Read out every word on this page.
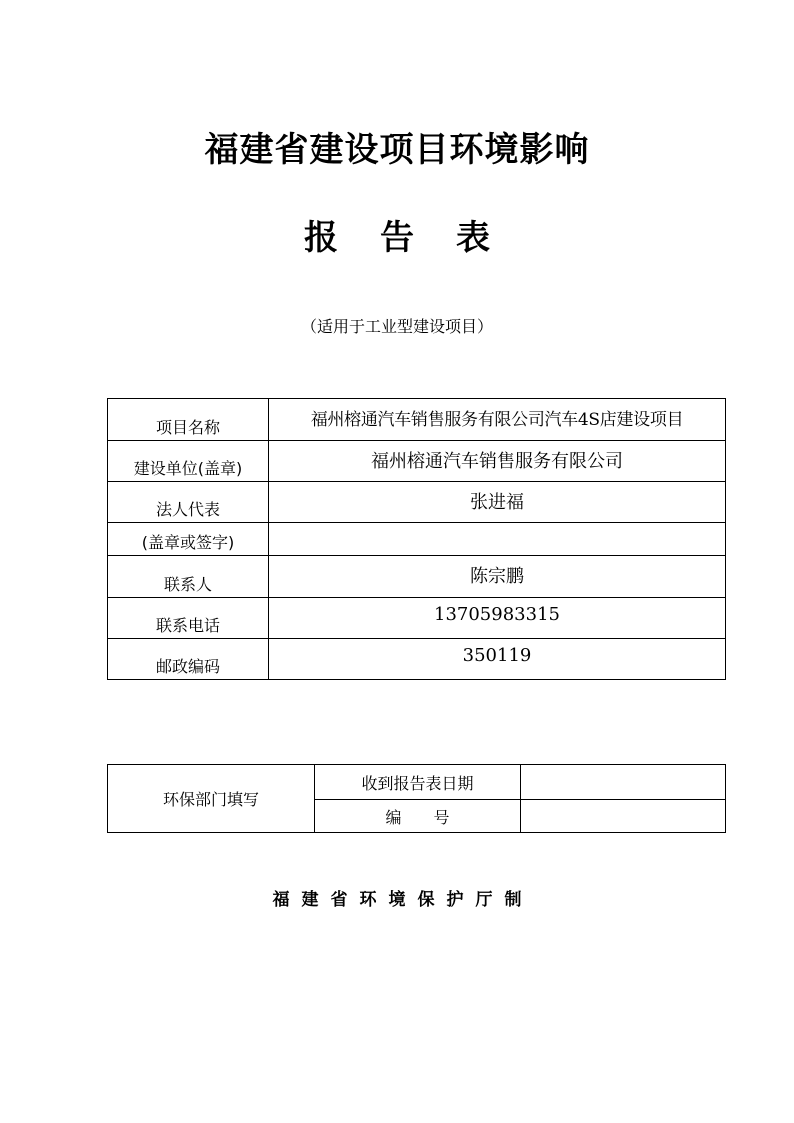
福建省建设项目环境影响
报 告 表
（适用于工业型建设项目）
项目名称	福州榕通汽车销售服务有限公司汽车4S店建设项目
建设单位(盖章)	福州榕通汽车销售服务有限公司
法人代表	张进福
(盖章或签字)	
联系人	陈宗鹏
联系电话	13705983315
邮政编码	350119
环保部门填写	收到报告表日期	
	编　　号	
福 建 省 环 境 保 护 厅 制
